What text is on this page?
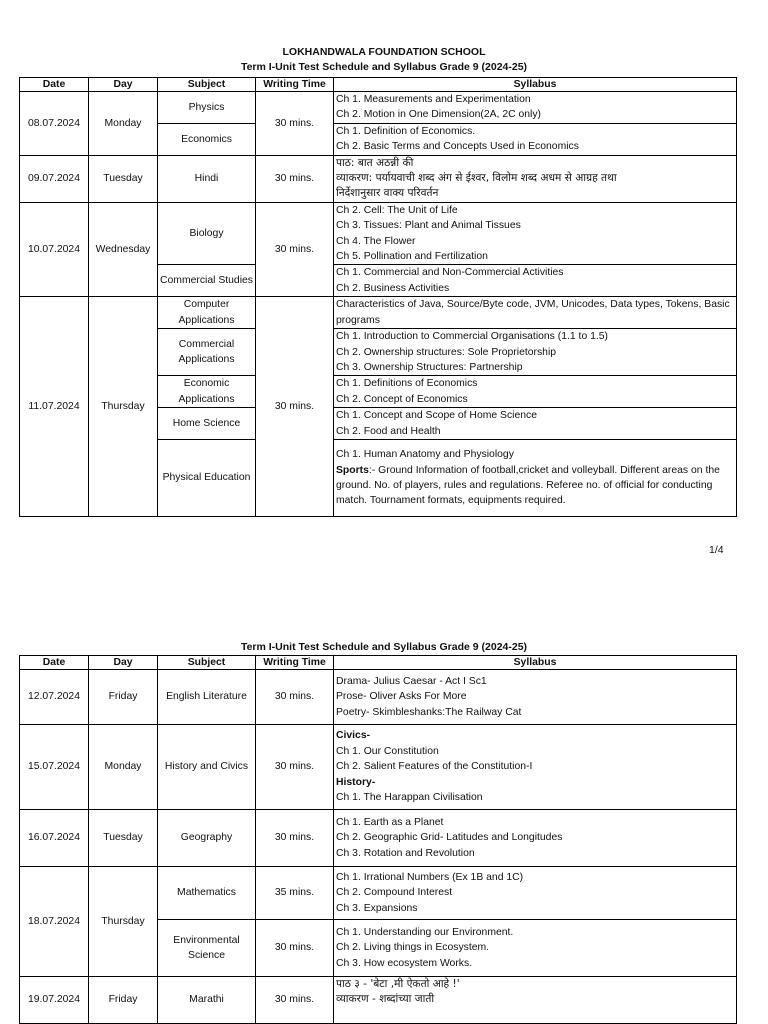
LOKHANDWALA FOUNDATION SCHOOL
Term I-Unit Test Schedule and Syllabus Grade 9 (2024-25)
Date	Day	Subject	Writing Time	Syllabus
08.07.2024	Monday	Physics	30 mins.	Ch 1. Measurements and Experimentation
Ch 2. Motion in One Dimension(2A, 2C only)

		Economics		Ch 1. Definition of Economics.
Ch 2. Basic Terms and Concepts Used in Economics

09.07.2024	Tuesday	Hindi	30 mins.	पाठ: बात अठन्नी की
व्याकरण: पर्यायवाची शब्द अंग से ईश्वर, विलोम शब्द अधम से आग्रह तथा
निर्देशानुसार वाक्य परिवर्तन

10.07.2024	Wednesday	Biology	30 mins.	Ch 2. Cell: The Unit of Life
Ch 3. Tissues: Plant and Animal Tissues
Ch 4. The Flower
Ch 5. Pollination and Fertilization

		Commercial Studies		Ch 1. Commercial and Non-Commercial Activities
Ch 2. Business Activities

11.07.2024	Thursday	Computer Applications	30 mins.	Characteristics of Java, Source/Byte code, JVM, Unicodes, Data types, Tokens, Basic programs

		Commercial Applications		Ch 1. Introduction to Commercial Organisations (1.1 to 1.5)
Ch 2. Ownership structures: Sole Proprietorship
Ch 3. Ownership Structures: Partnership

		Economic Applications		Ch 1. Definitions of Economics
Ch 2. Concept of Economics

		Home Science		Ch 1. Concept and Scope of Home Science
Ch 2. Food and Health

		Physical Education		Ch 1. Human Anatomy and Physiology
Sports:- Ground Information of football,cricket and volleyball. Different areas on the ground. No. of players, rules and regulations. Referee no. of official for conducting match. Tournament formats, equipments required.
1/4
Term I-Unit Test Schedule and Syllabus Grade 9 (2024-25)
Date	Day	Subject	Writing Time	Syllabus
12.07.2024	Friday	English Literature	30 mins.	Drama- Julius Caesar - Act I Sc1
Prose- Oliver Asks For More
Poetry- Skimbleshanks:The Railway Cat

15.07.2024	Monday	History and Civics	30 mins.	Civics-
Ch 1. Our Constitution
Ch 2. Salient Features of the Constitution-I
History-
Ch 1. The Harappan Civilisation

16.07.2024	Tuesday	Geography	30 mins.	Ch 1. Earth as a Planet
Ch 2. Geographic Grid- Latitudes and Longitudes
Ch 3. Rotation and Revolution

18.07.2024	Thursday	Mathematics	35 mins.	Ch 1. Irrational Numbers (Ex 1B and 1C)
Ch 2. Compound Interest
Ch 3. Expansions

		Environmental Science	30 mins.	Ch 1. Understanding our Environment.
Ch 2. Living things in Ecosystem.
Ch 3. How ecosystem Works.

19.07.2024	Friday	Marathi	30 mins.	पाठ ३ - 'बेटा ,मी ऐकतो आहे !'
व्याकरण - शब्दांच्या जाती
